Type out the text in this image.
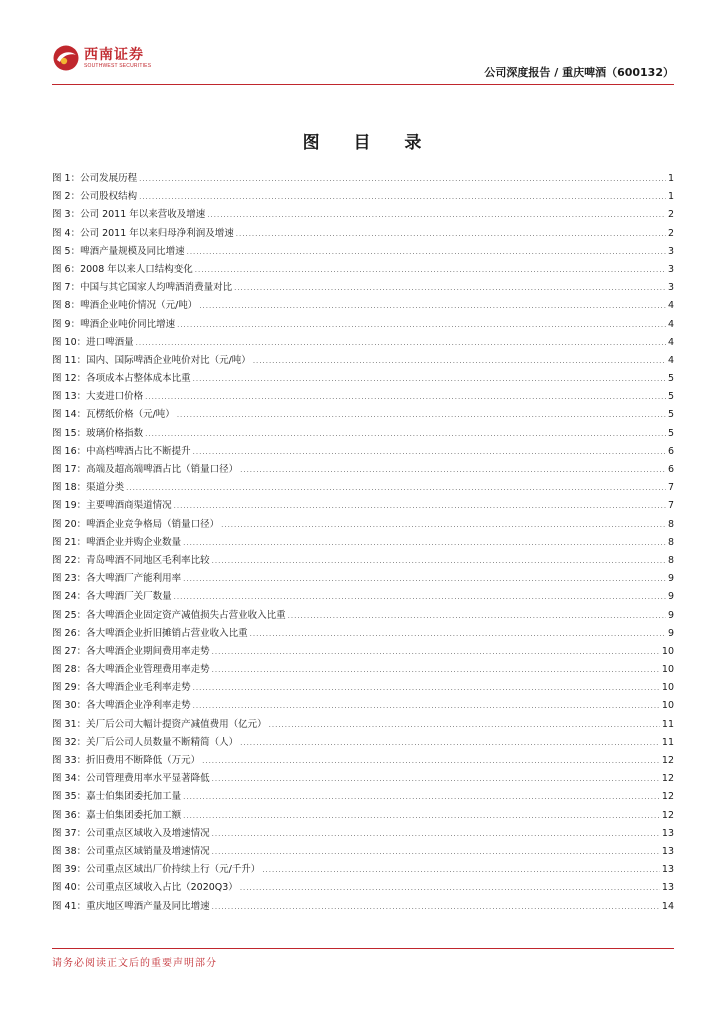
西南证券
SOUTHWEST SECURITIES
公司深度报告 / 重庆啤酒（600132）
图 目 录
图 1： 公司发展历程 .....	1
图 2： 公司股权结构 .....	1
图 3： 公司 2011 年以来营收及增速 .....	2
图 4： 公司 2011 年以来归母净利润及增速 .....	2
图 5： 啤酒产量规模及同比增速 .....	3
图 6： 2008 年以来人口结构变化 .....	3
图 7： 中国与其它国家人均啤酒消费量对比 .....	3
图 8： 啤酒企业吨价情况（元/吨） .....	4
图 9： 啤酒企业吨价同比增速 .....	4
图 10： 进口啤酒量 .....	4
图 11： 国内、国际啤酒企业吨价对比（元/吨） .....	4
图 12： 各项成本占整体成本比重 .....	5
图 13： 大麦进口价格 .....	5
图 14： 瓦楞纸价格（元/吨） .....	5
图 15： 玻璃价格指数 .....	5
图 16： 中高档啤酒占比不断提升 .....	6
图 17： 高端及超高端啤酒占比（销量口径） .....	6
图 18： 渠道分类 .....	7
图 19： 主要啤酒商渠道情况 .....	7
图 20： 啤酒企业竞争格局（销量口径） .....	8
图 21： 啤酒企业并购企业数量 .....	8
图 22： 青岛啤酒不同地区毛利率比较 .....	8
图 23： 各大啤酒厂产能利用率 .....	9
图 24： 各大啤酒厂关厂数量 .....	9
图 25： 各大啤酒企业固定资产减值损失占营业收入比重 .....	9
图 26： 各大啤酒企业折旧摊销占营业收入比重 .....	9
图 27： 各大啤酒企业期间费用率走势 .....	10
图 28： 各大啤酒企业管理费用率走势 .....	10
图 29： 各大啤酒企业毛利率走势 .....	10
图 30： 各大啤酒企业净利率走势 .....	10
图 31： 关厂后公司大幅计提资产减值费用（亿元） .....	11
图 32： 关厂后公司人员数量不断精简（人） .....	11
图 33： 折旧费用不断降低（万元） .....	12
图 34： 公司管理费用率水平显著降低 .....	12
图 35： 嘉士伯集团委托加工量 .....	12
图 36： 嘉士伯集团委托加工额 .....	12
图 37： 公司重点区域收入及增速情况 .....	13
图 38： 公司重点区域销量及增速情况 .....	13
图 39： 公司重点区域出厂价持续上行（元/千升） .....	13
图 40： 公司重点区域收入占比（2020Q3） .....	13
图 41： 重庆地区啤酒产量及同比增速 .....	14
请务必阅读正文后的重要声明部分
